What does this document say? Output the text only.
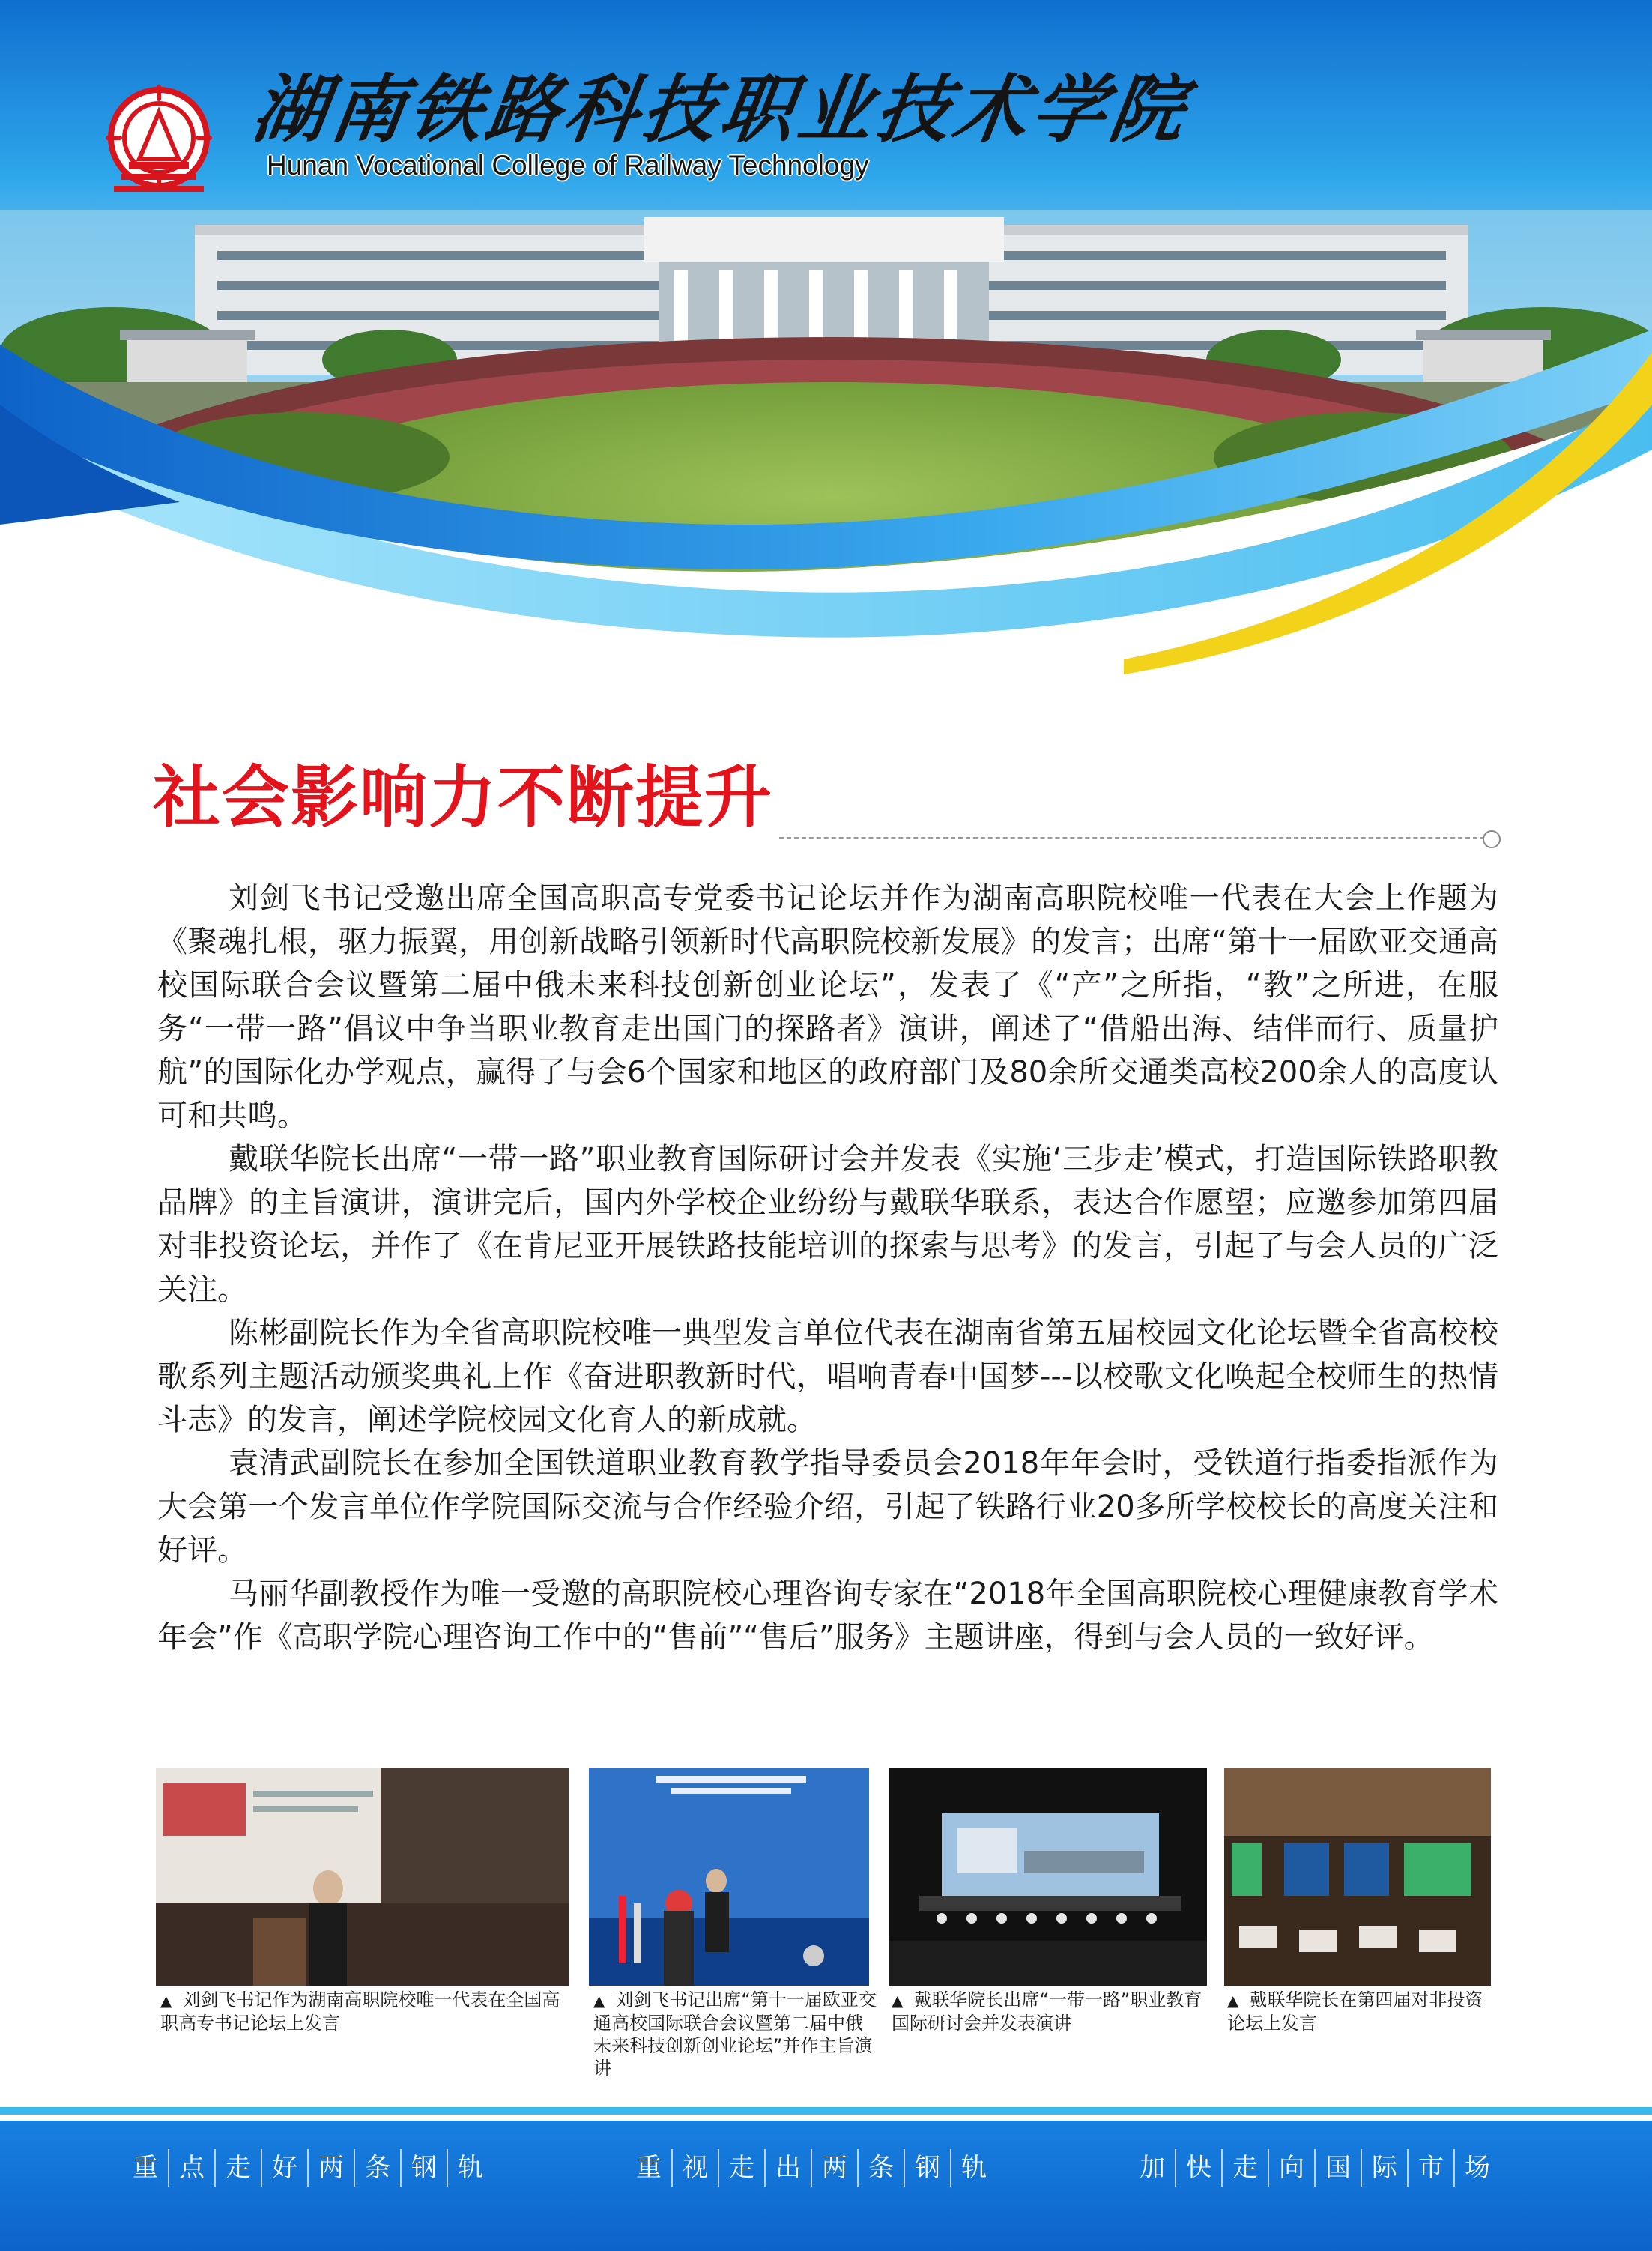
湖南铁路科技职业技术学院
Hunan Vocational College of Railway Technology
社会影响力不断提升

刘剑飞书记受邀出席全国高职高专党委书记论坛并作为湖南高职院校唯一代表在大会上作题为《聚魂扎根，驱力振翼，用创新战略引领新时代高职院校新发展》的发言；出席“第十一届欧亚交通高校国际联合会议暨第二届中俄未来科技创新创业论坛”，发表了《“产”之所指，“教”之所进，在服务“一带一路”倡议中争当职业教育走出国门的探路者》演讲，阐述了“借船出海、结伴而行、质量护航”的国际化办学观点，赢得了与会6个国家和地区的政府部门及80余所交通类高校200余人的高度认可和共鸣。

戴联华院长出席“一带一路”职业教育国际研讨会并发表《实施‘三步走’模式，打造国际铁路职教品牌》的主旨演讲，演讲完后，国内外学校企业纷纷与戴联华联系，表达合作愿望；应邀参加第四届对非投资论坛，并作了《在肯尼亚开展铁路技能培训的探索与思考》的发言，引起了与会人员的广泛关注。

陈彬副院长作为全省高职院校唯一典型发言单位代表在湖南省第五届校园文化论坛暨全省高校校歌系列主题活动颁奖典礼上作《奋进职教新时代，唱响青春中国梦---以校歌文化唤起全校师生的热情斗志》的发言，阐述学院校园文化育人的新成就。

袁清武副院长在参加全国铁道职业教育教学指导委员会2018年年会时，受铁道行指委指派作为大会第一个发言单位作学院国际交流与合作经验介绍，引起了铁路行业20多所学校校长的高度关注和好评。

马丽华副教授作为唯一受邀的高职院校心理咨询专家在“2018年全国高职院校心理健康教育学术年会”作《高职学院心理咨询工作中的“售前”“售后”服务》主题讲座，得到与会人员的一致好评。

▲ 刘剑飞书记作为湖南高职院校唯一代表在全国高职高专书记论坛上发言
▲ 刘剑飞书记出席“第十一届欧亚交通高校国际联合会议暨第二届中俄未来科技创新创业论坛”并作主旨演讲
▲ 戴联华院长出席“一带一路”职业教育国际研讨会并发表演讲
▲ 戴联华院长在第四届对非投资论坛上发言
重 点 走 好 两 条 钢 轨	重 视 走 出 两 条 钢 轨	加 快 走 向 国 际 市 场
